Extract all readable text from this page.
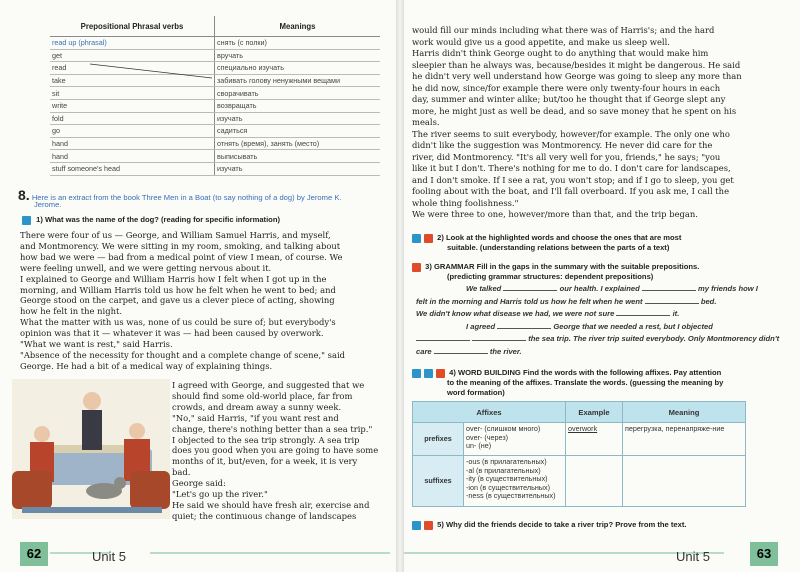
Prepositional Phrasal verbs	Meanings
read up (phrasal)	снять (с полки)
get	вручать
read	специально изучать
take	забивать голову ненужными вещами
sit	сворачивать
write	возвращать
fold	изучать
go	садиться
hand	отнять (время), занять (место)
hand	выписывать
stuff someone's head	изучать
8. Here is an extract from the book Three Men in a Boat (to say nothing of a dog) by Jerome K.
Jerome.
1) What was the name of the dog? (reading for specific information)
There were four of us — George, and William Samuel Harris, and myself,
and Montmorency. We were sitting in my room, smoking, and talking about
how bad we were — bad from a medical point of view I mean, of course. We
were feeling unwell, and we were getting nervous about it.
I explained to George and William Harris how I felt when I got up in the
morning, and William Harris told us how he felt when he went to bed; and
George stood on the carpet, and gave us a clever piece of acting, showing
how he felt in the night.
What the matter with us was, none of us could be sure of; but everybody's
opinion was that it — whatever it was — had been caused by overwork.
"What we want is rest," said Harris.
"Absence of the necessity for thought and a complete change of scene," said
George. He had a bit of a medical way of explaining things.
I agreed with George, and suggested that we
should find some old-world place, far from
crowds, and dream away a sunny week.
"No," said Harris, "if you want rest and
change, there's nothing better than a sea trip."
I objected to the sea trip strongly. A sea trip
does you good when you are going to have some
months of it, but/even, for a week, it is very
bad.
George said:
"Let's go up the river."
He said we should have fresh air, exercise and
quiet; the continuous change of landscapes
62	Unit 5
would fill our minds including what there was of Harris's; and the hard
work would give us a good appetite, and make us sleep well.
Harris didn't think George ought to do anything that would make him
sleepier than he always was, because/besides it might be dangerous. He said
he didn't very well understand how George was going to sleep any more than
he did now, since/for example there were only twenty-four hours in each
day, summer and winter alike; but/too he thought that if George slept any
more, he might just as well be dead, and so save money that he spent on his
meals.
The river seems to suit everybody, however/for example. The only one who
didn't like the suggestion was Montmorency. He never did care for the
river, did Montmorency. "It's all very well for you, friends," he says; "you
like it but I don't. There's nothing for me to do. I don't care for landscapes,
and I don't smoke. If I see a rat, you won't stop; and if I go to sleep, you get
fooling about with the boat, and I'll fall overboard. If you ask me, I call the
whole thing foolishness."
We were three to one, however/more than that, and the trip began.
2) Look at the highlighted words and choose the ones that are most
suitable. (understanding relations between the parts of a text)
3) GRAMMAR Fill in the gaps in the summary with the suitable prepositions.
(predicting grammar structures: dependent prepositions)
We talked	our health. I explained	my friends how I
felt in the morning and Harris told us how he felt when he went	bed.
We didn't know what disease we had, we were not sure	it.
I agreed	George that we needed a rest, but I objected
the sea trip. The river trip suited everybody. Only Montmorency didn't
care	the river.
4) WORD BUILDING Find the words with the following affixes. Pay attention
to the meaning of the affixes. Translate the words. (guessing the meaning by
word formation)
Affixes		Example	Meaning
prefixes	over- (слишком много)
over- (через)
un- (не)	overwork	перегрузка, перенапряже-ние
suffixes	-ous (в прилагательных)
-al (в прилагательных)
-ity (в существительных)
-ion (в существительных)
-ness (в существительных)		

5) Why did the friends decide to take a river trip? Prove from the text.
Unit 5	63
